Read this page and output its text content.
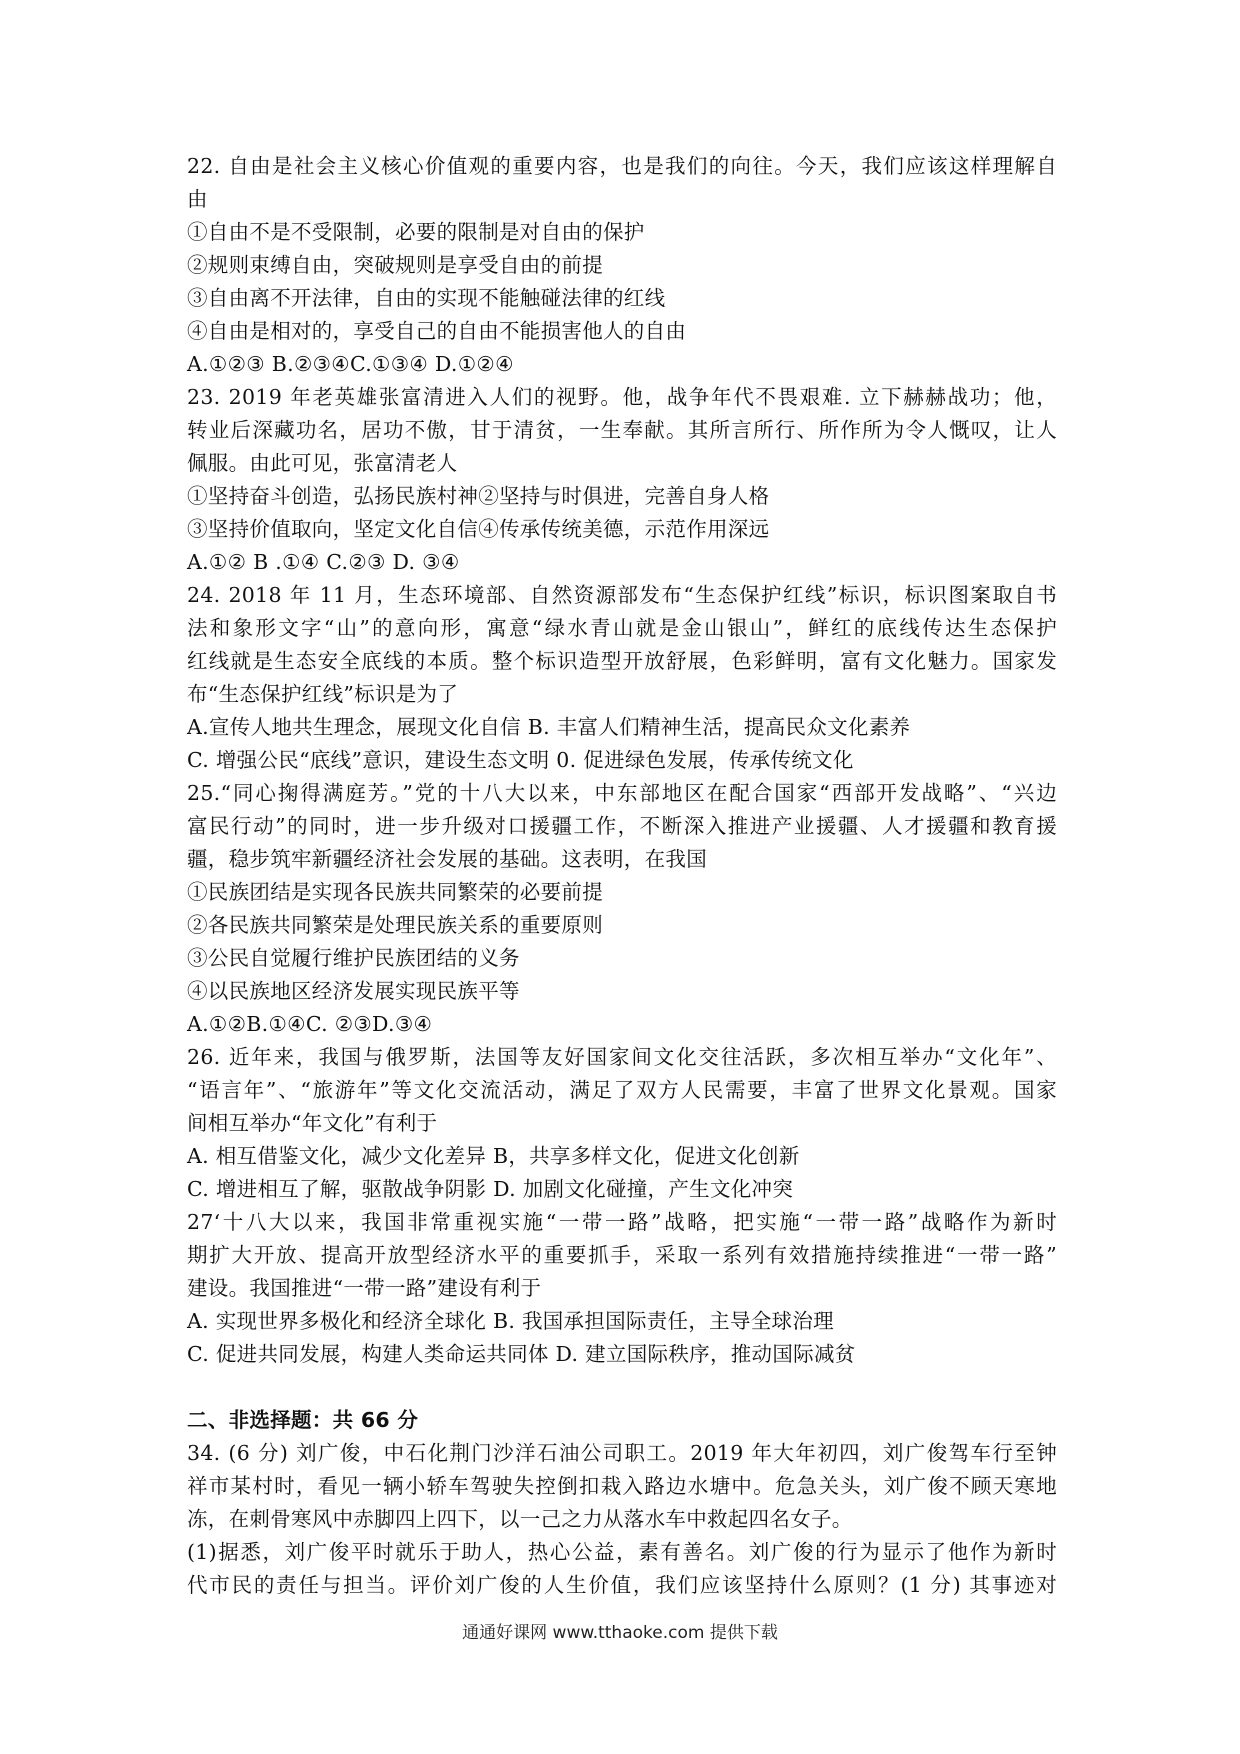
22. 自由是社会主义核心价值观的重要内容，也是我们的向往。今天，我们应该这样理解自
由
①自由不是不受限制，必要的限制是对自由的保护
②规则束缚自由，突破规则是享受自由的前提
③自由离不开法律，自由的实现不能触碰法律的红线
④自由是相对的，享受自己的自由不能损害他人的自由
A.①②③ B.②③④C.①③④ D.①②④
23. 2019 年老英雄张富清进入人们的视野。他，战争年代不畏艰难. 立下赫赫战功；他，
转业后深藏功名，居功不傲，甘于清贫，一生奉献。其所言所行、所作所为令人慨叹，让人
佩服。由此可见，张富清老人
①坚持奋斗创造，弘扬民族村神②坚持与时俱进，完善自身人格
③坚持价值取向，坚定文化自信④传承传统美德，示范作用深远
A.①② B .①④ C.②③ D. ③④
24. 2018 年 11 月，生态环境部、自然资源部发布“生态保护红线”标识，标识图案取自书
法和象形文字“山”的意向形，寓意“绿水青山就是金山银山”，鲜红的底线传达生态保护
红线就是生态安全底线的本质。整个标识造型开放舒展，色彩鲜明，富有文化魅力。国家发
布“生态保护红线”标识是为了
A.宣传人地共生理念，展现文化自信 B. 丰富人们精神生活，提高民众文化素养
C. 增强公民“底线”意识，建设生态文明 0. 促进绿色发展，传承传统文化
25.“同心掬得满庭芳。”党的十八大以来，中东部地区在配合国家“西部开发战略”、“兴边
富民行动”的同时，进一步升级对口援疆工作，不断深入推进产业援疆、人才援疆和教育援
疆，稳步筑牢新疆经济社会发展的基础。这表明，在我国
①民族团结是实现各民族共同繁荣的必要前提
②各民族共同繁荣是处理民族关系的重要原则
③公民自觉履行维护民族团结的义务
④以民族地区经济发展实现民族平等
A.①②B.①④C. ②③D.③④
26. 近年来，我国与俄罗斯，法国等友好国家间文化交往活跃，多次相互举办“文化年”、
“语言年”、“旅游年”等文化交流活动，满足了双方人民需要，丰富了世界文化景观。国家
间相互举办“年文化”有利于
A. 相互借鉴文化，减少文化差异 B，共享多样文化，促进文化创新
C. 增进相互了解，驱散战争阴影 D. 加剧文化碰撞，产生文化冲突
27‘十八大以来，我国非常重视实施“一带一路”战略，把实施“一带一路”战略作为新时
期扩大开放、提高开放型经济水平的重要抓手，采取一系列有效措施持续推进“一带一路”
建设。我国推进“一带一路”建设有利于
A. 实现世界多极化和经济全球化 B. 我国承担国际责任，主导全球治理
C. 促进共同发展，构建人类命运共同体 D. 建立国际秩序，推动国际减贫
二、非选择题：共 66 分
34. (6 分) 刘广俊，中石化荆门沙洋石油公司职工。2019 年大年初四，刘广俊驾车行至钟
祥市某村时，看见一辆小轿车驾驶失控倒扣栽入路边水塘中。危急关头，刘广俊不顾天寒地
冻，在刺骨寒风中赤脚四上四下，以一己之力从落水车中救起四名女子。
(1)据悉，刘广俊平时就乐于助人，热心公益，素有善名。刘广俊的行为显示了他作为新时
代市民的责任与担当。评价刘广俊的人生价值，我们应该坚持什么原则？(1 分) 其事迹对
通通好课网 www.tthaoke.com 提供下载
